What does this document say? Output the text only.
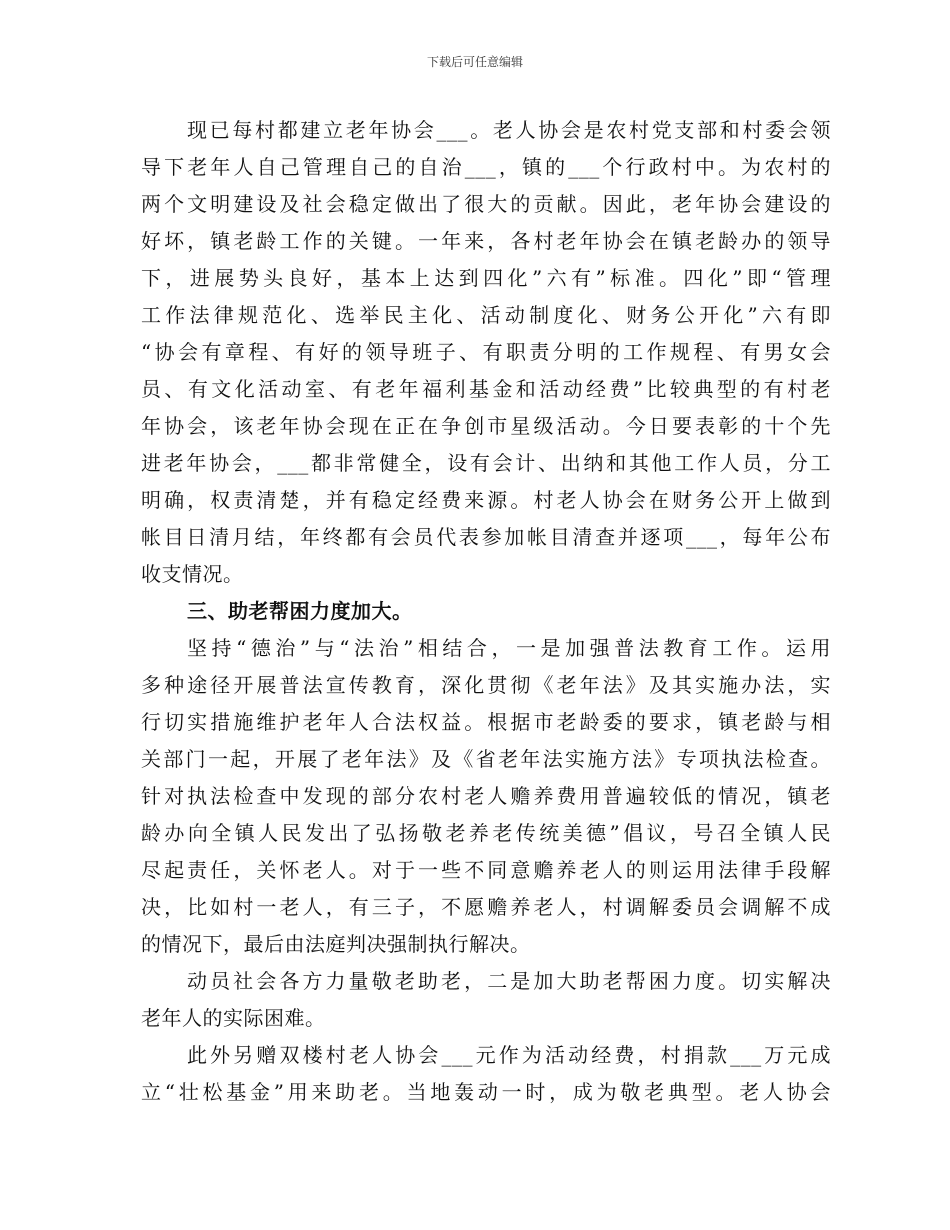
下载后可任意编辑
现已每村都建立老年协会___。老人协会是农村党支部和村委会领
导下老年人自己管理自己的自治___，镇的___个行政村中。为农村的
两个文明建设及社会稳定做出了很大的贡献。因此，老年协会建设的
好坏，镇老龄工作的关键。一年来，各村老年协会在镇老龄办的领导
下，进展势头良好，基本上达到四化”六有”标准。四化”即“管理
工作法律规范化、选举民主化、活动制度化、财务公开化”六有即
“协会有章程、有好的领导班子、有职责分明的工作规程、有男女会
员、有文化活动室、有老年福利基金和活动经费”比较典型的有村老
年协会，该老年协会现在正在争创市星级活动。今日要表彰的十个先
进老年协会，___都非常健全，设有会计、出纳和其他工作人员，分工
明确，权责清楚，并有稳定经费来源。村老人协会在财务公开上做到
帐目日清月结，年终都有会员代表参加帐目清查并逐项___，每年公布
收支情况。
三、助老帮困力度加大。
坚持“德治”与“法治”相结合，一是加强普法教育工作。运用
多种途径开展普法宣传教育，深化贯彻《老年法》及其实施办法，实
行切实措施维护老年人合法权益。根据市老龄委的要求，镇老龄与相
关部门一起，开展了老年法》及《省老年法实施方法》专项执法检查。
针对执法检查中发现的部分农村老人赡养费用普遍较低的情况，镇老
龄办向全镇人民发出了弘扬敬老养老传统美德”倡议，号召全镇人民
尽起责任，关怀老人。对于一些不同意赡养老人的则运用法律手段解
决，比如村一老人，有三子，不愿赡养老人，村调解委员会调解不成
的情况下，最后由法庭判决强制执行解决。
动员社会各方力量敬老助老，二是加大助老帮困力度。切实解决
老年人的实际困难。
此外另赠双楼村老人协会___元作为活动经费，村捐款___万元成
立“壮松基金”用来助老。当地轰动一时，成为敬老典型。老人协会
